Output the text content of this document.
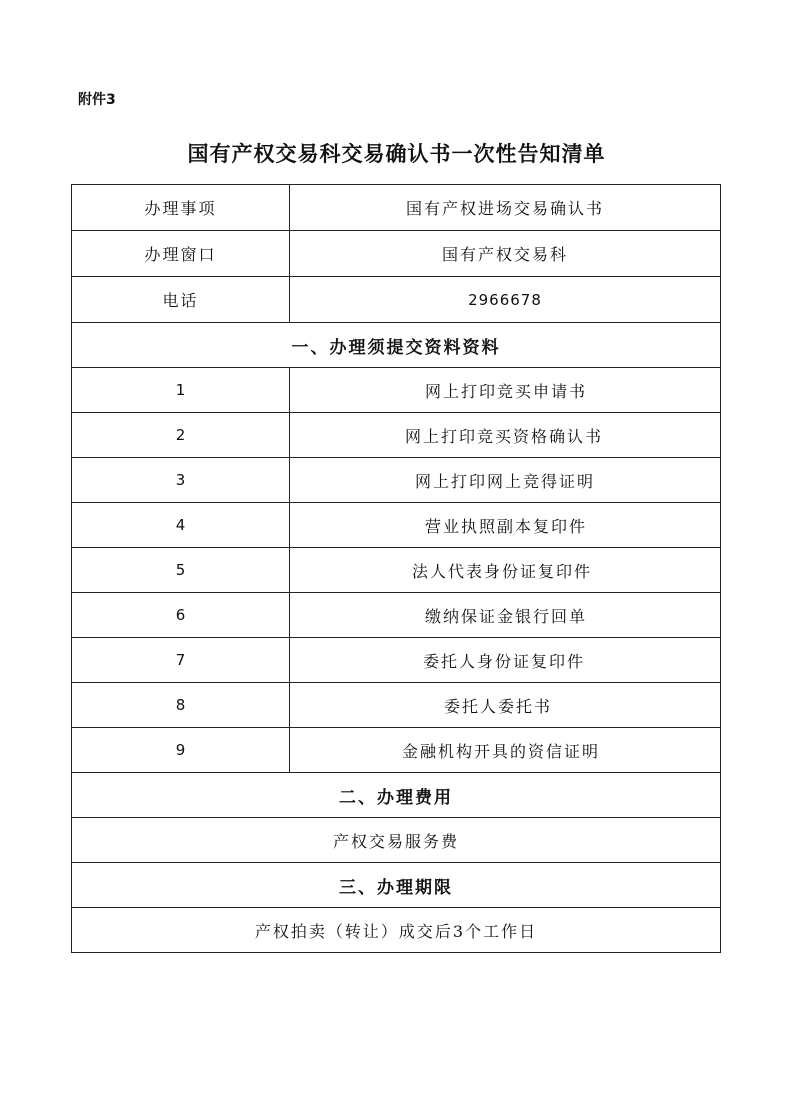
附件3
国有产权交易科交易确认书一次性告知清单
办理事项	国有产权进场交易确认书
办理窗口	国有产权交易科
电话	2966678
一、办理须提交资料资料	
1	网上打印竞买申请书
2	网上打印竞买资格确认书
3	网上打印网上竞得证明
4	营业执照副本复印件
5	法人代表身份证复印件
6	缴纳保证金银行回单
7	委托人身份证复印件
8	委托人委托书
9	金融机构开具的资信证明
二、办理费用	
产权交易服务费	
三、办理期限	
产权拍卖（转让）成交后3个工作日	
